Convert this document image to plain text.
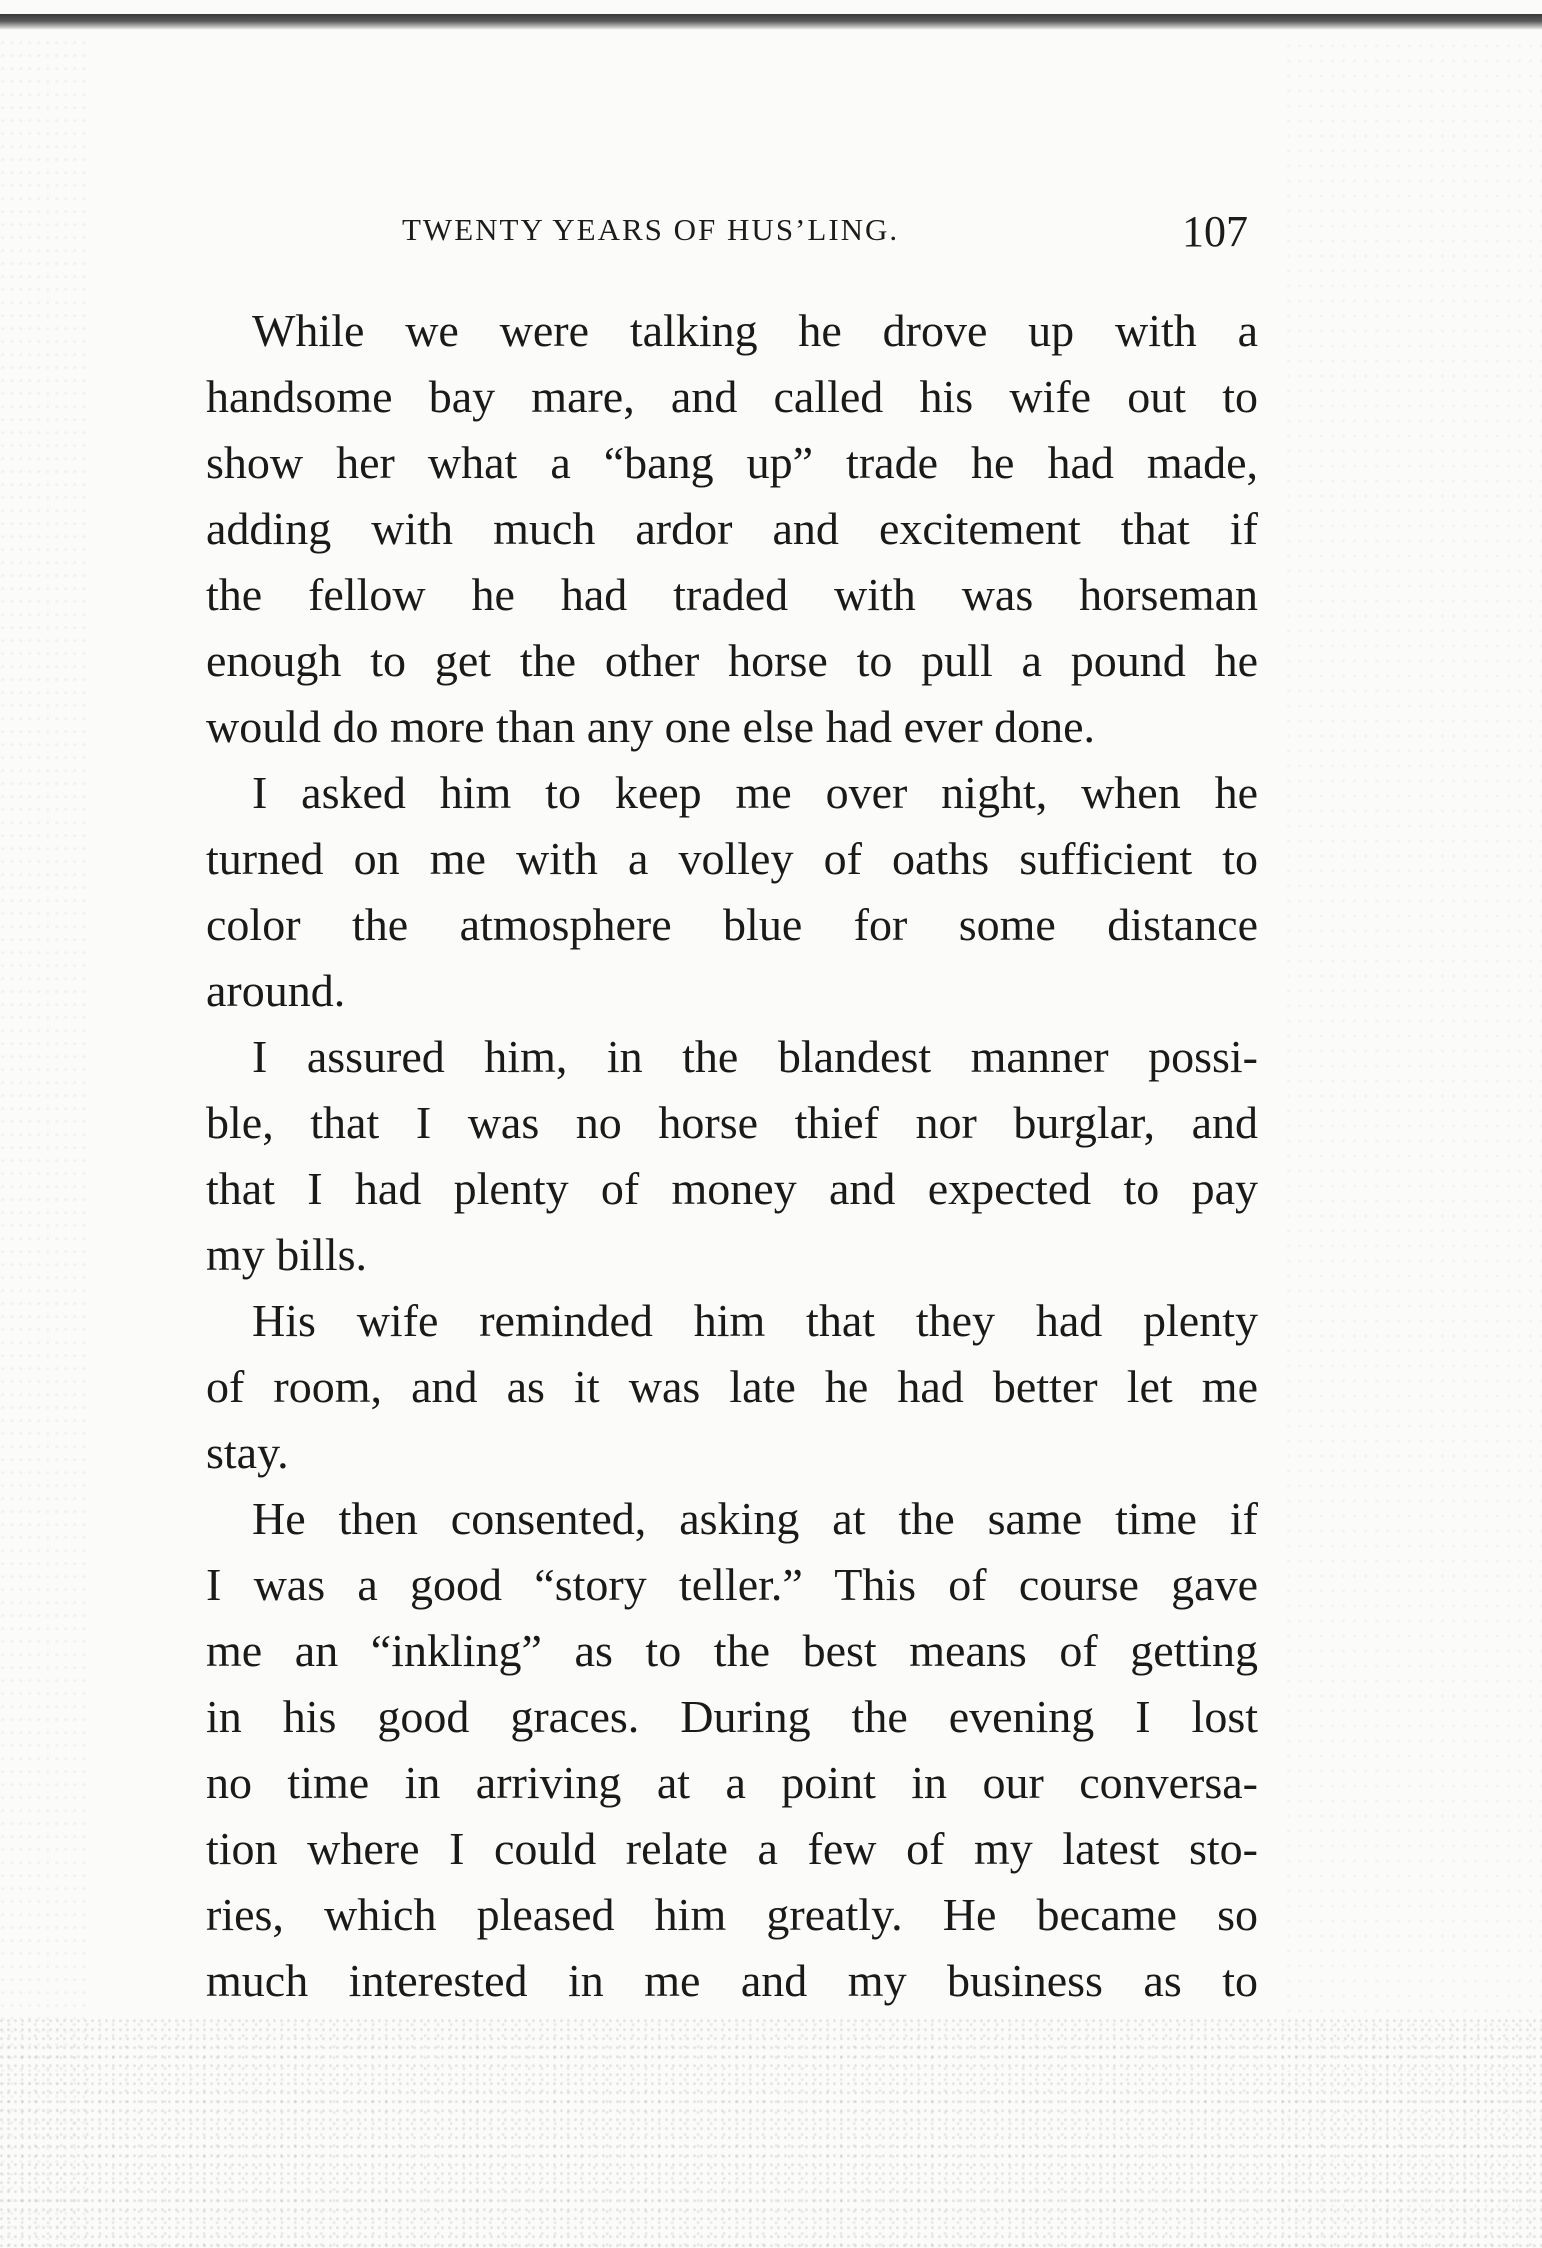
TWENTY YEARS OF HUS’LING.	107
While we were talking he drove up with a
handsome bay mare, and called his wife out to
show her what a “bang up” trade he had made,
adding with much ardor and excitement that if
the fellow he had traded with was horseman
enough to get the other horse to pull a pound he
would do more than any one else had ever done.
I asked him to keep me over night, when he
turned on me with a volley of oaths sufficient to
color the atmosphere blue for some distance
around.
I assured him, in the blandest manner possi-
ble, that I was no horse thief nor burglar, and
that I had plenty of money and expected to pay
my bills.
His wife reminded him that they had plenty
of room, and as it was late he had better let me
stay.
He then consented, asking at the same time if
I was a good “story teller.” This of course gave
me an “inkling” as to the best means of getting
in his good graces. During the evening I lost
no time in arriving at a point in our conversa-
tion where I could relate a few of my latest sto-
ries, which pleased him greatly. He became so
much interested in me and my business as to
